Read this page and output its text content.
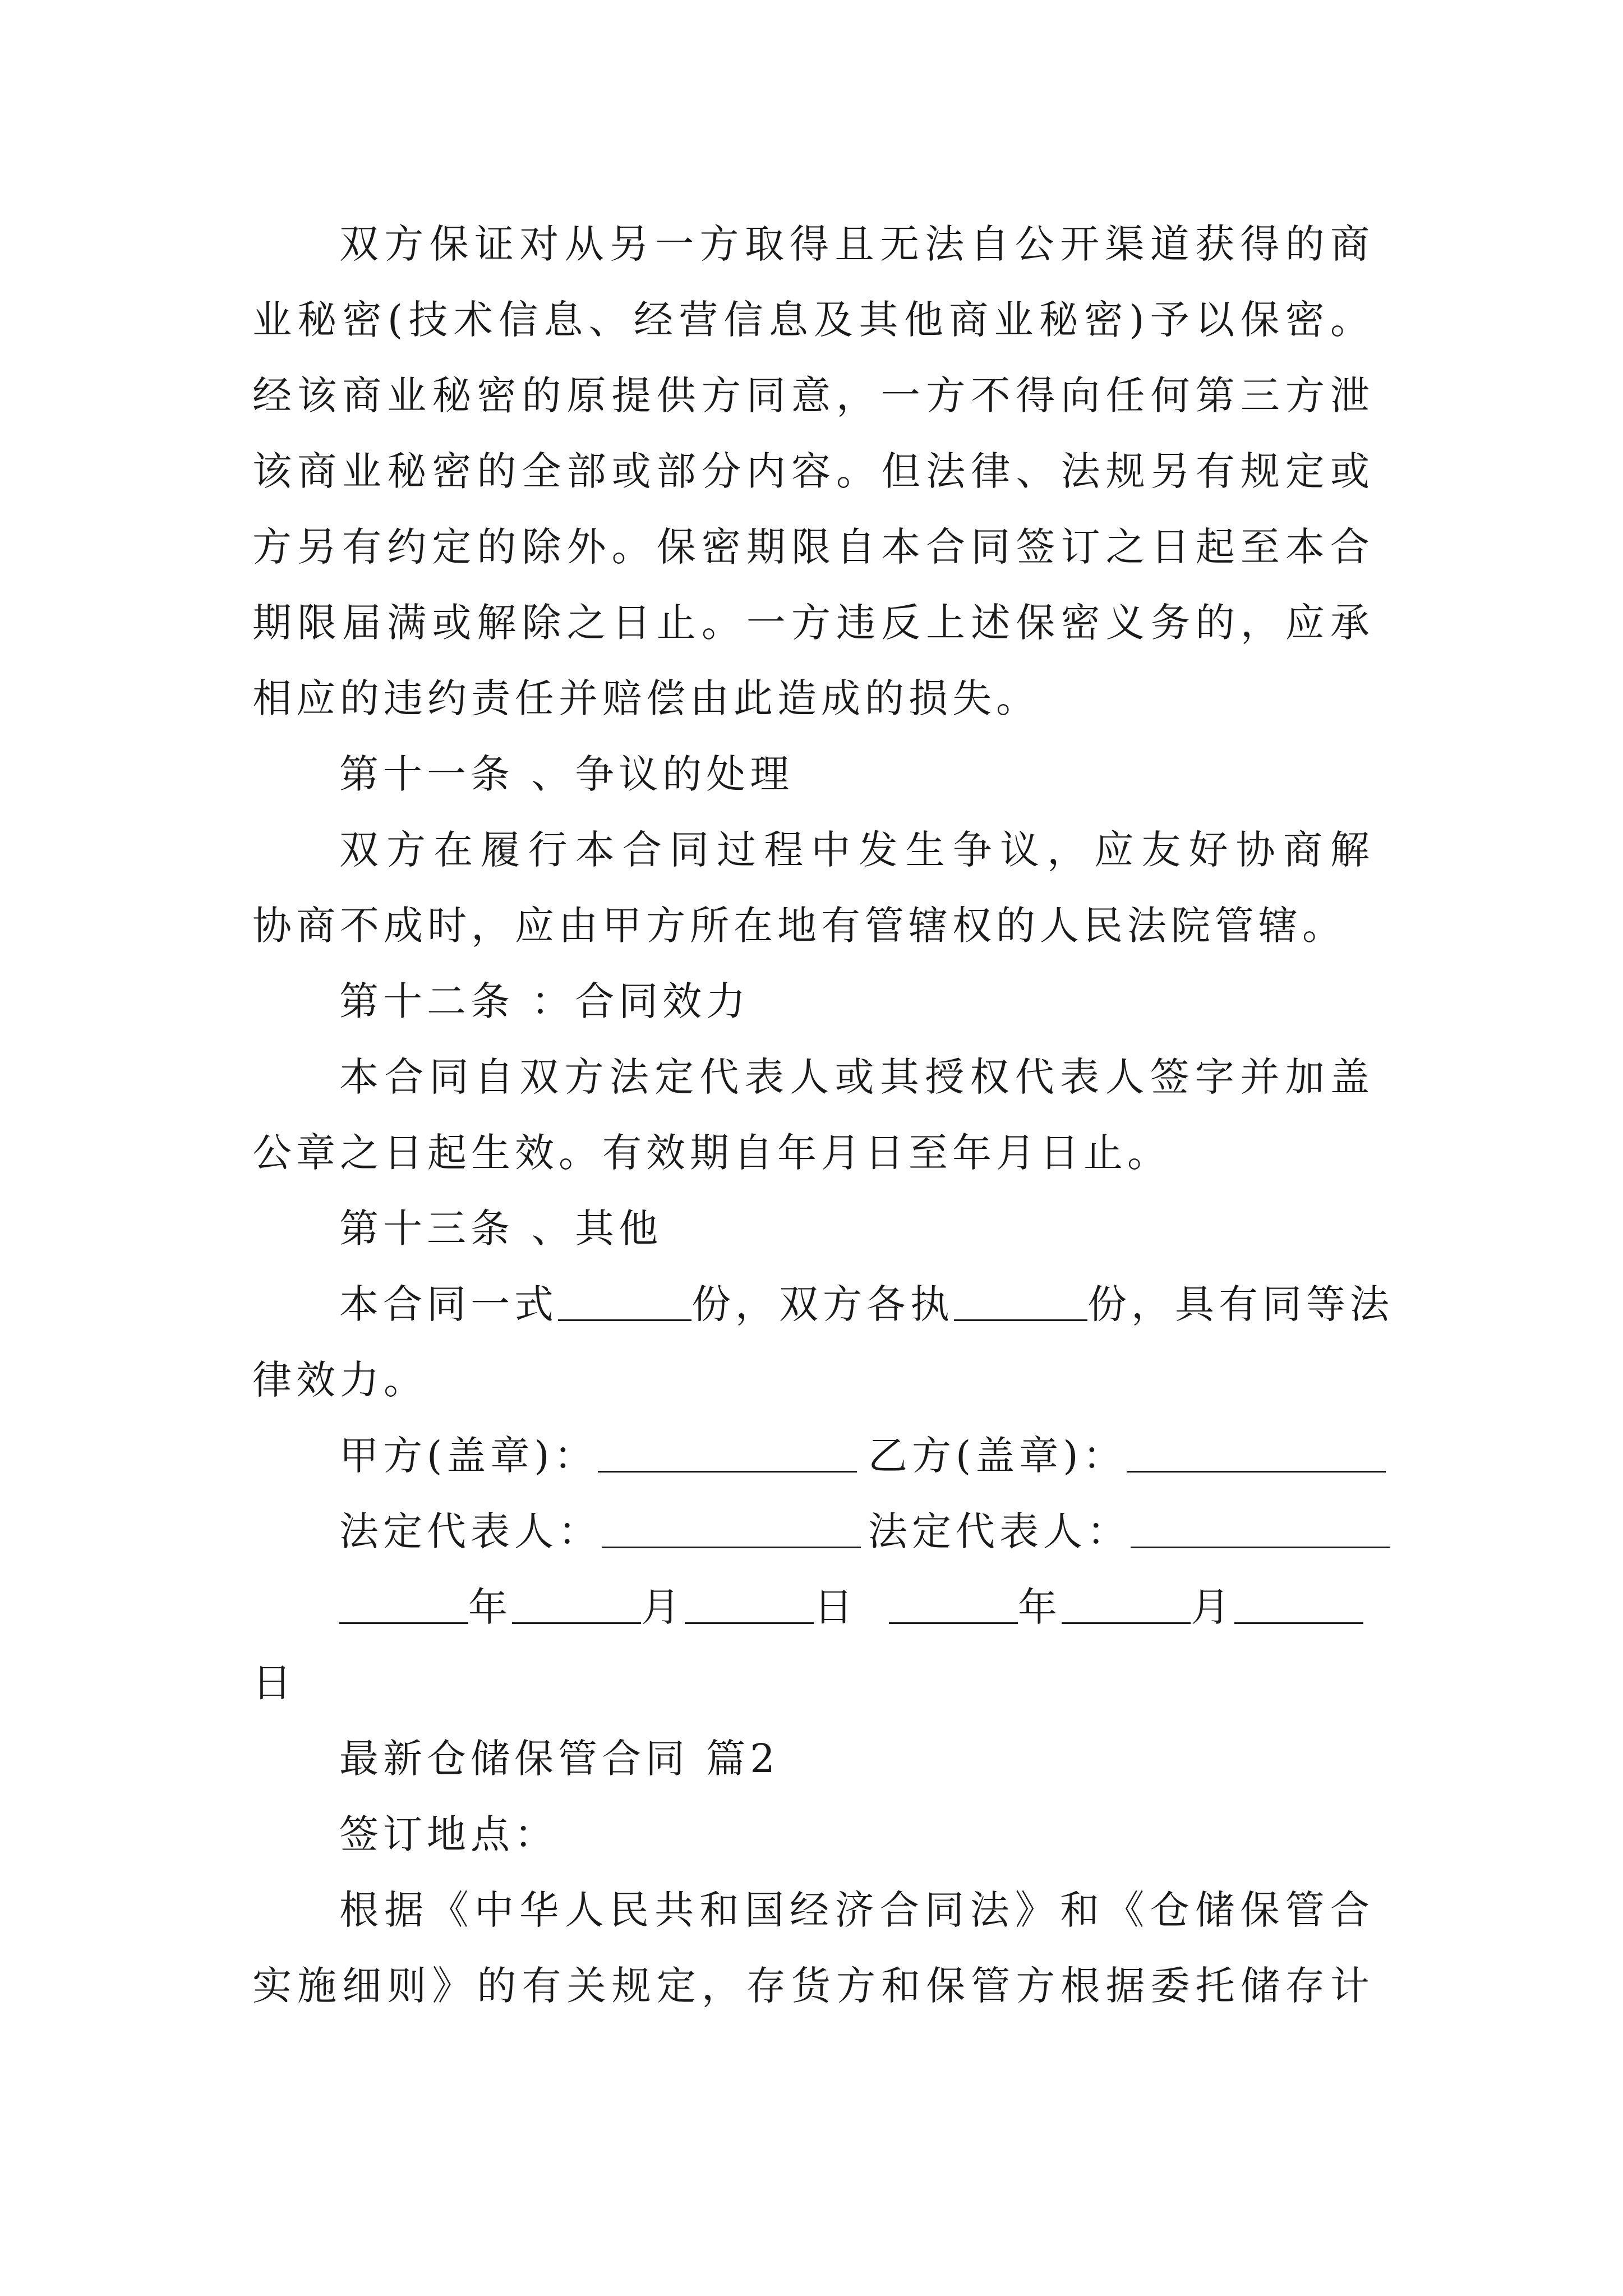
双方保证对从另一方取得且无法自公开渠道获得的商
业秘密(技术信息、经营信息及其他商业秘密)予以保密。
经该商业秘密的原提供方同意，一方不得向任何第三方泄
该商业秘密的全部或部分内容。但法律、法规另有规定或
方另有约定的除外。保密期限自本合同签订之日起至本合
期限届满或解除之日止。一方违反上述保密义务的，应承
相应的违约责任并赔偿由此造成的损失。
第十一条 、争议的处理
双方在履行本合同过程中发生争议，应友好协商解
协商不成时，应由甲方所在地有管辖权的人民法院管辖。
第十二条 ：合同效力
本合同自双方法定代表人或其授权代表人签字并加盖
公章之日起生效。有效期自年月日至年月日止。
第十三条 、其他
本合同一式	份，双方各执	份，具有同等法
律效力。
甲方(盖章)：	乙方(盖章)：
法定代表人：	法定代表人：
年	月	日	年	月
日
最新仓储保管合同 篇2
签订地点：
根据《中华人民共和国经济合同法》和《仓储保管合
实施细则》的有关规定，存货方和保管方根据委托储存计
